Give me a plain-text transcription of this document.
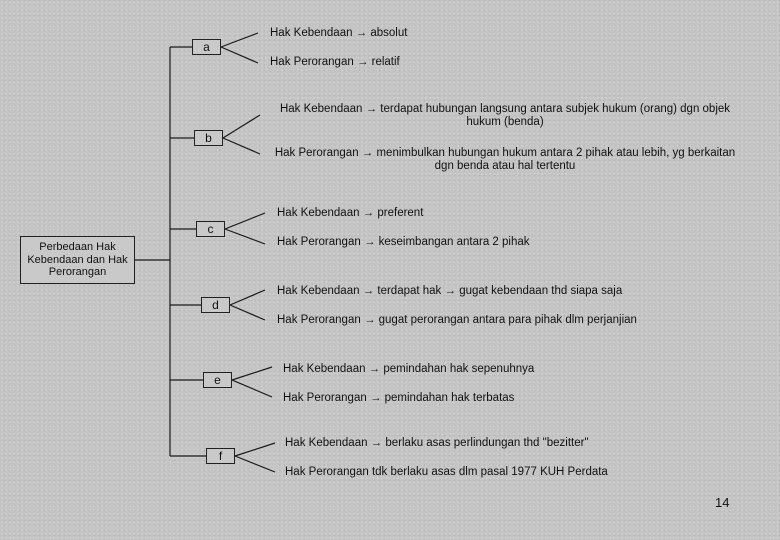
Perbedaan Hak Kebendaan dan Hak Perorangan
a
b
c
d
e
f
Hak Kebendaan → absolut
Hak Perorangan → relatif
Hak Kebendaan → terdapat hubungan langsung antara subjek hukum (orang) dgn objek hukum (benda)
Hak Perorangan → menimbulkan hubungan hukum antara 2 pihak atau lebih, yg berkaitan dgn benda atau hal tertentu
Hak Kebendaan → preferent
Hak Perorangan → keseimbangan antara 2 pihak
Hak Kebendaan → terdapat hak → gugat kebendaan thd siapa saja
Hak Perorangan → gugat perorangan antara para pihak dlm perjanjian
Hak Kebendaan → pemindahan hak sepenuhnya
Hak Perorangan → pemindahan hak terbatas
Hak Kebendaan → berlaku asas perlindungan thd "bezitter"
Hak Perorangan tdk berlaku asas dlm pasal 1977 KUH Perdata
14
